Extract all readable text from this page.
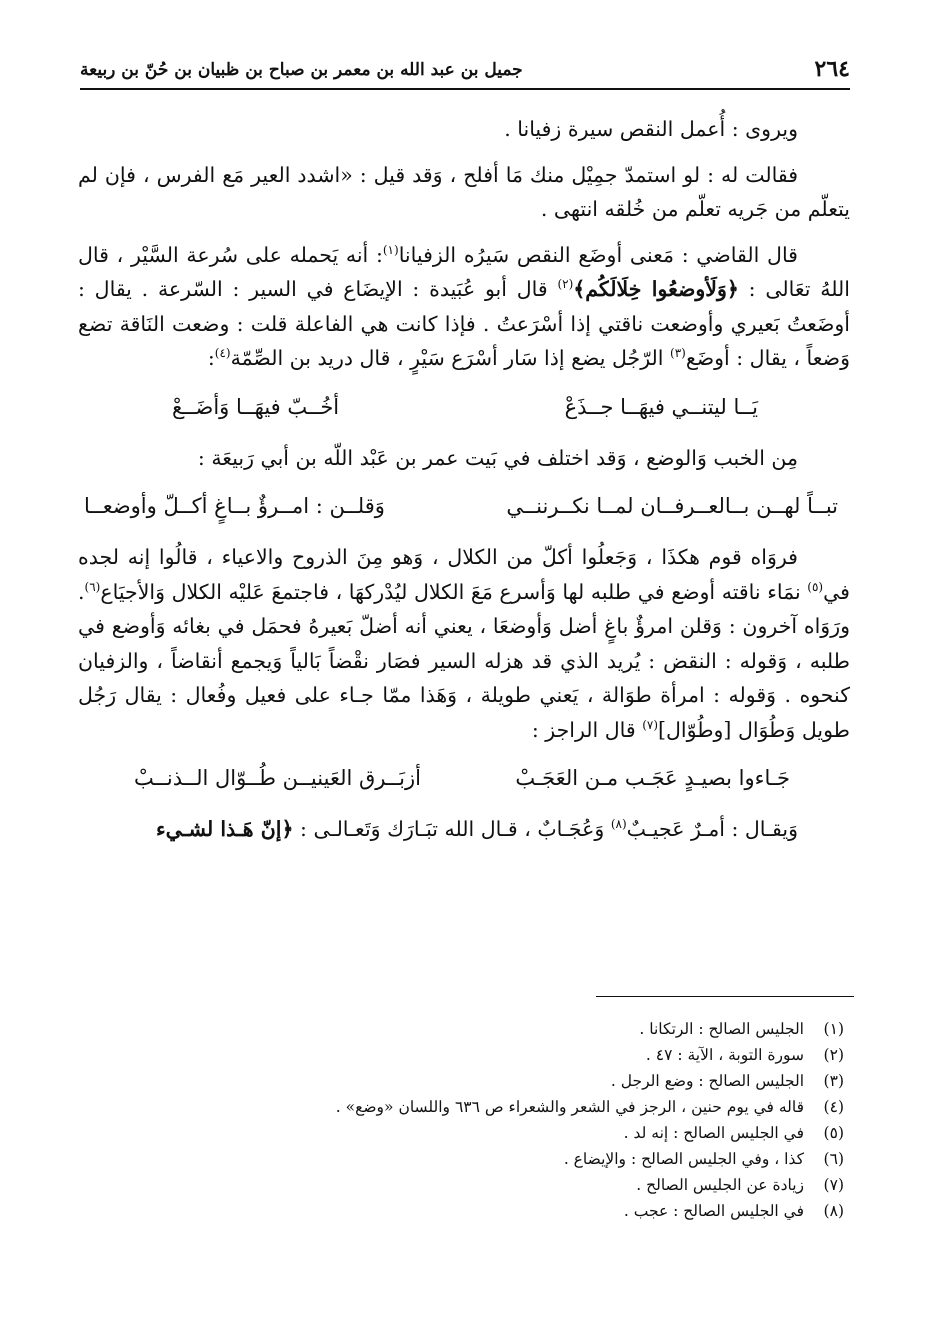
٢٦٤
جميل بن عبد الله بن معمر بن صباح بن ظبيان بن حُنّ بن ربيعة

ويروى : أُعمل النقص سيرة زفيانا .

فقالت له : لو استمدّ جمِيْل منك مَا أفلح ، وَقد قيل : «اشدد العير مَع الفرس ، فإن لم يتعلّم من جَريه تعلّم من خُلقه انتهى .

قال القاضي : مَعنى أوضَع النقص سَيرُه الزفيانا$^{(١)}$: أنه يَحمله على سُرعة السَّيْر ، قال اللهُ تعَالى : ﴿وَلَأوضعُوا خِلَالَكُم﴾$^{(٢)}$ قال أبو عُبَيدة : الإيضَاع في السير : السّرعة . يقال : أوضَعتُ بَعيري وأوضعت ناقتي إذا أسْرَعتُ . فإذا كانت هي الفاعلة قلت : وضعت النَاقة تضع وَضعاً ، يقال : أوضَع$^{(٣)}$ الرّجُل يضع إذا سَار أسْرَع سَيْرٍ ، قال دريد بن الصِّمّة$^{(٤)}$:

يَــا ليتنــي فيهَــا جــذَعْ
أخُــبّ فيهَــا وَأضَــعْ

مِن الخبب وَالوضع ، وَقد اختلف في بَيت عمر بن عَبْد اللّه بن أبي رَبيعَة :

تبــاً لهــن بــالعــرفــان لمــا نكــرننــي
وَقلــن : امــرؤٌ بــاغٍ أكــلّ وأوضعــا

فروَاه قوم هكذَا ، وَجَعلُوا أكلّ من الكلال ، وَهو مِنَ الذروح والاعياء ، قالُوا إنه لجده في$^{(٥)}$ نمَاء ناقته أوضع في طلبه لها وَأسرع مَعَ الكلال ليُدْركهَا ، فاجتمعَ عَليْه الكلال وَالأجيَاع$^{(٦)}$. ورَوَاه آخرون : وَقلن امرؤٌ باغٍ أضل وَأوضعَا ، يعني أنه أضلّ بَعيرهُ فحمَل في بغائه وَأوضع في طلبه ، وَقوله : النقض : يُريد الذي قد هزله السير فصَار نقْضاً بَالياً وَيجمع أنقاضاً ، والزفيان كنحوه . وَقوله : امرأة طوَالة ، يَعني طويلة ، وَهَذا ممّا جـاء على فعيل وفُعال : يقال رَجُل طويل وَطُوَال [وطُوّال]$^{(٧)}$ قال الراجز :

جَـاءوا بصيـدٍ عَجَـب مـن العَجَـبْ
أزبَــرق العَينيــن طُــوّال الــذنــبْ

وَيقـال : أمـرٌ عَجيـبٌ$^{(٨)}$ وَعُجَـابٌ ، قـال الله تبَـارَك وَتَعـالـى : ﴿إنّ هَـذا لشـيء

(١)
الجليس الصالح : الرتكانا .
(٢)
سورة التوبة ، الآية : ٤٧ .
(٣)
الجليس الصالح : وضع الرجل .
(٤)
قاله في يوم حنين ، الرجز في الشعر والشعراء ص ٦٣٦ واللسان «وضع» .
(٥)
في الجليس الصالح : إنه لد .
(٦)
كذا ، وفي الجليس الصالح : والإيضاع .
(٧)
زيادة عن الجليس الصالح .
(٨)
في الجليس الصالح : عجب .
